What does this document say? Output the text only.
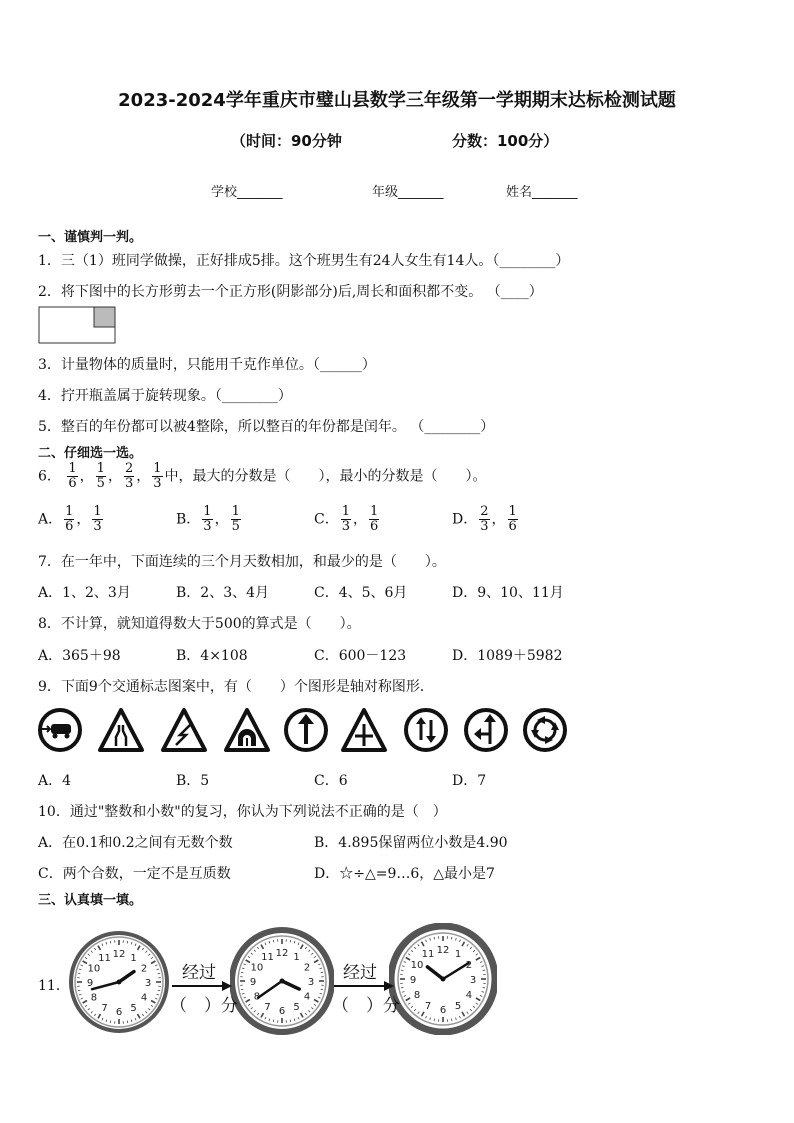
2023-2024学年重庆市璧山县数学三年级第一学期期末达标检测试题
（时间：90分钟	分数：100分）
学校_______	年级_______	姓名_______
一、谨慎判一判。
1．三（1）班同学做操，正好排成5排。这个班男生有24人女生有14人。（________）
2．将下图中的长方形剪去一个正方形(阴影部分)后,周长和面积都不变。 （____）
3．计量物体的质量时，只能用千克作单位。（______）
4．拧开瓶盖属于旋转现象。（________）
5．整百的年份都可以被4整除，所以整百的年份都是闰年。 （________）
二、仔细选一选。
6． $\frac{1}{6}$ ， $\frac{1}{5}$ ， $\frac{2}{3}$ ， $\frac{1}{3}$ 中，最大的分数是（　　），最小的分数是（　　）。
A． $\frac{1}{6}$ ， $\frac{1}{3}$	B． $\frac{1}{3}$ ， $\frac{1}{5}$	C． $\frac{1}{3}$ ， $\frac{1}{6}$	D． $\frac{2}{3}$ ， $\frac{1}{6}$
7．在一年中，下面连续的三个月天数相加，和最少的是（　　）。
A．1、2、3月	B．2、3、4月	C．4、5、6月	D．9、10、11月
8．不计算，就知道得数大于500的算式是（　　）。
A．365＋98	B．4×108	C．600－123	D．1089＋5982
9．下面9个交通标志图案中，有（　　）个图形是轴对称图形．
A．4	B．5	C．6	D．7
10．通过"整数和小数"的复习，你认为下列说法不正确的是（　）
A．在0.1和0.2之间有无数个数	B．4.895保留两位小数是4.90
C．两个合数，一定不是互质数	D．☆÷△=9…6，△最小是7
三、认真填一填。
11．
12 1
2
3
4
5
6
7
8
9
10
11	12 1
2
3
4
5
6
7
8
9
10
11
12 1
2
3
4
5
6
7
8
9
10
11
经过
（　）分
经过
（　）分
